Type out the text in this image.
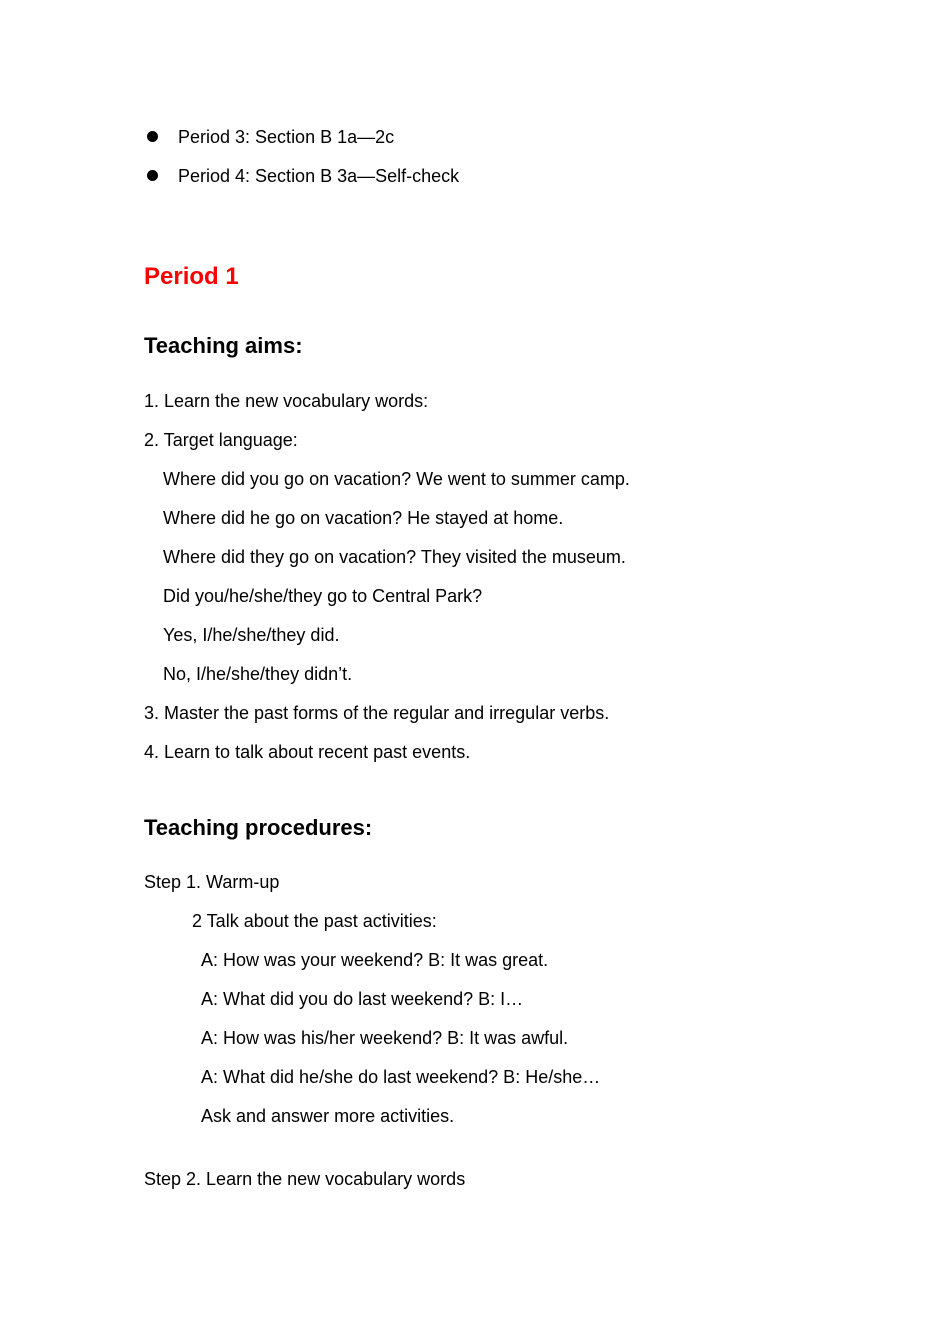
Period 3: Section B 1a—2c
Period 4: Section B 3a—Self-check
Period 1
Teaching aims:
1. Learn the new vocabulary words:
2. Target language:
Where did you go on vacation? We went to summer camp.
Where did he go on vacation? He stayed at home.
Where did they go on vacation? They visited the museum.
Did you/he/she/they go to Central Park?
Yes, I/he/she/they did.
No, I/he/she/they didn’t.
3. Master the past forms of the regular and irregular verbs.
4. Learn to talk about recent past events.
Teaching procedures:
Step 1. Warm-up
2 Talk about the past activities:
A: How was your weekend? B: It was great.
A: What did you do last weekend? B: I…
A: How was his/her weekend? B: It was awful.
A: What did he/she do last weekend? B: He/she…
Ask and answer more activities.
Step 2. Learn the new vocabulary words
